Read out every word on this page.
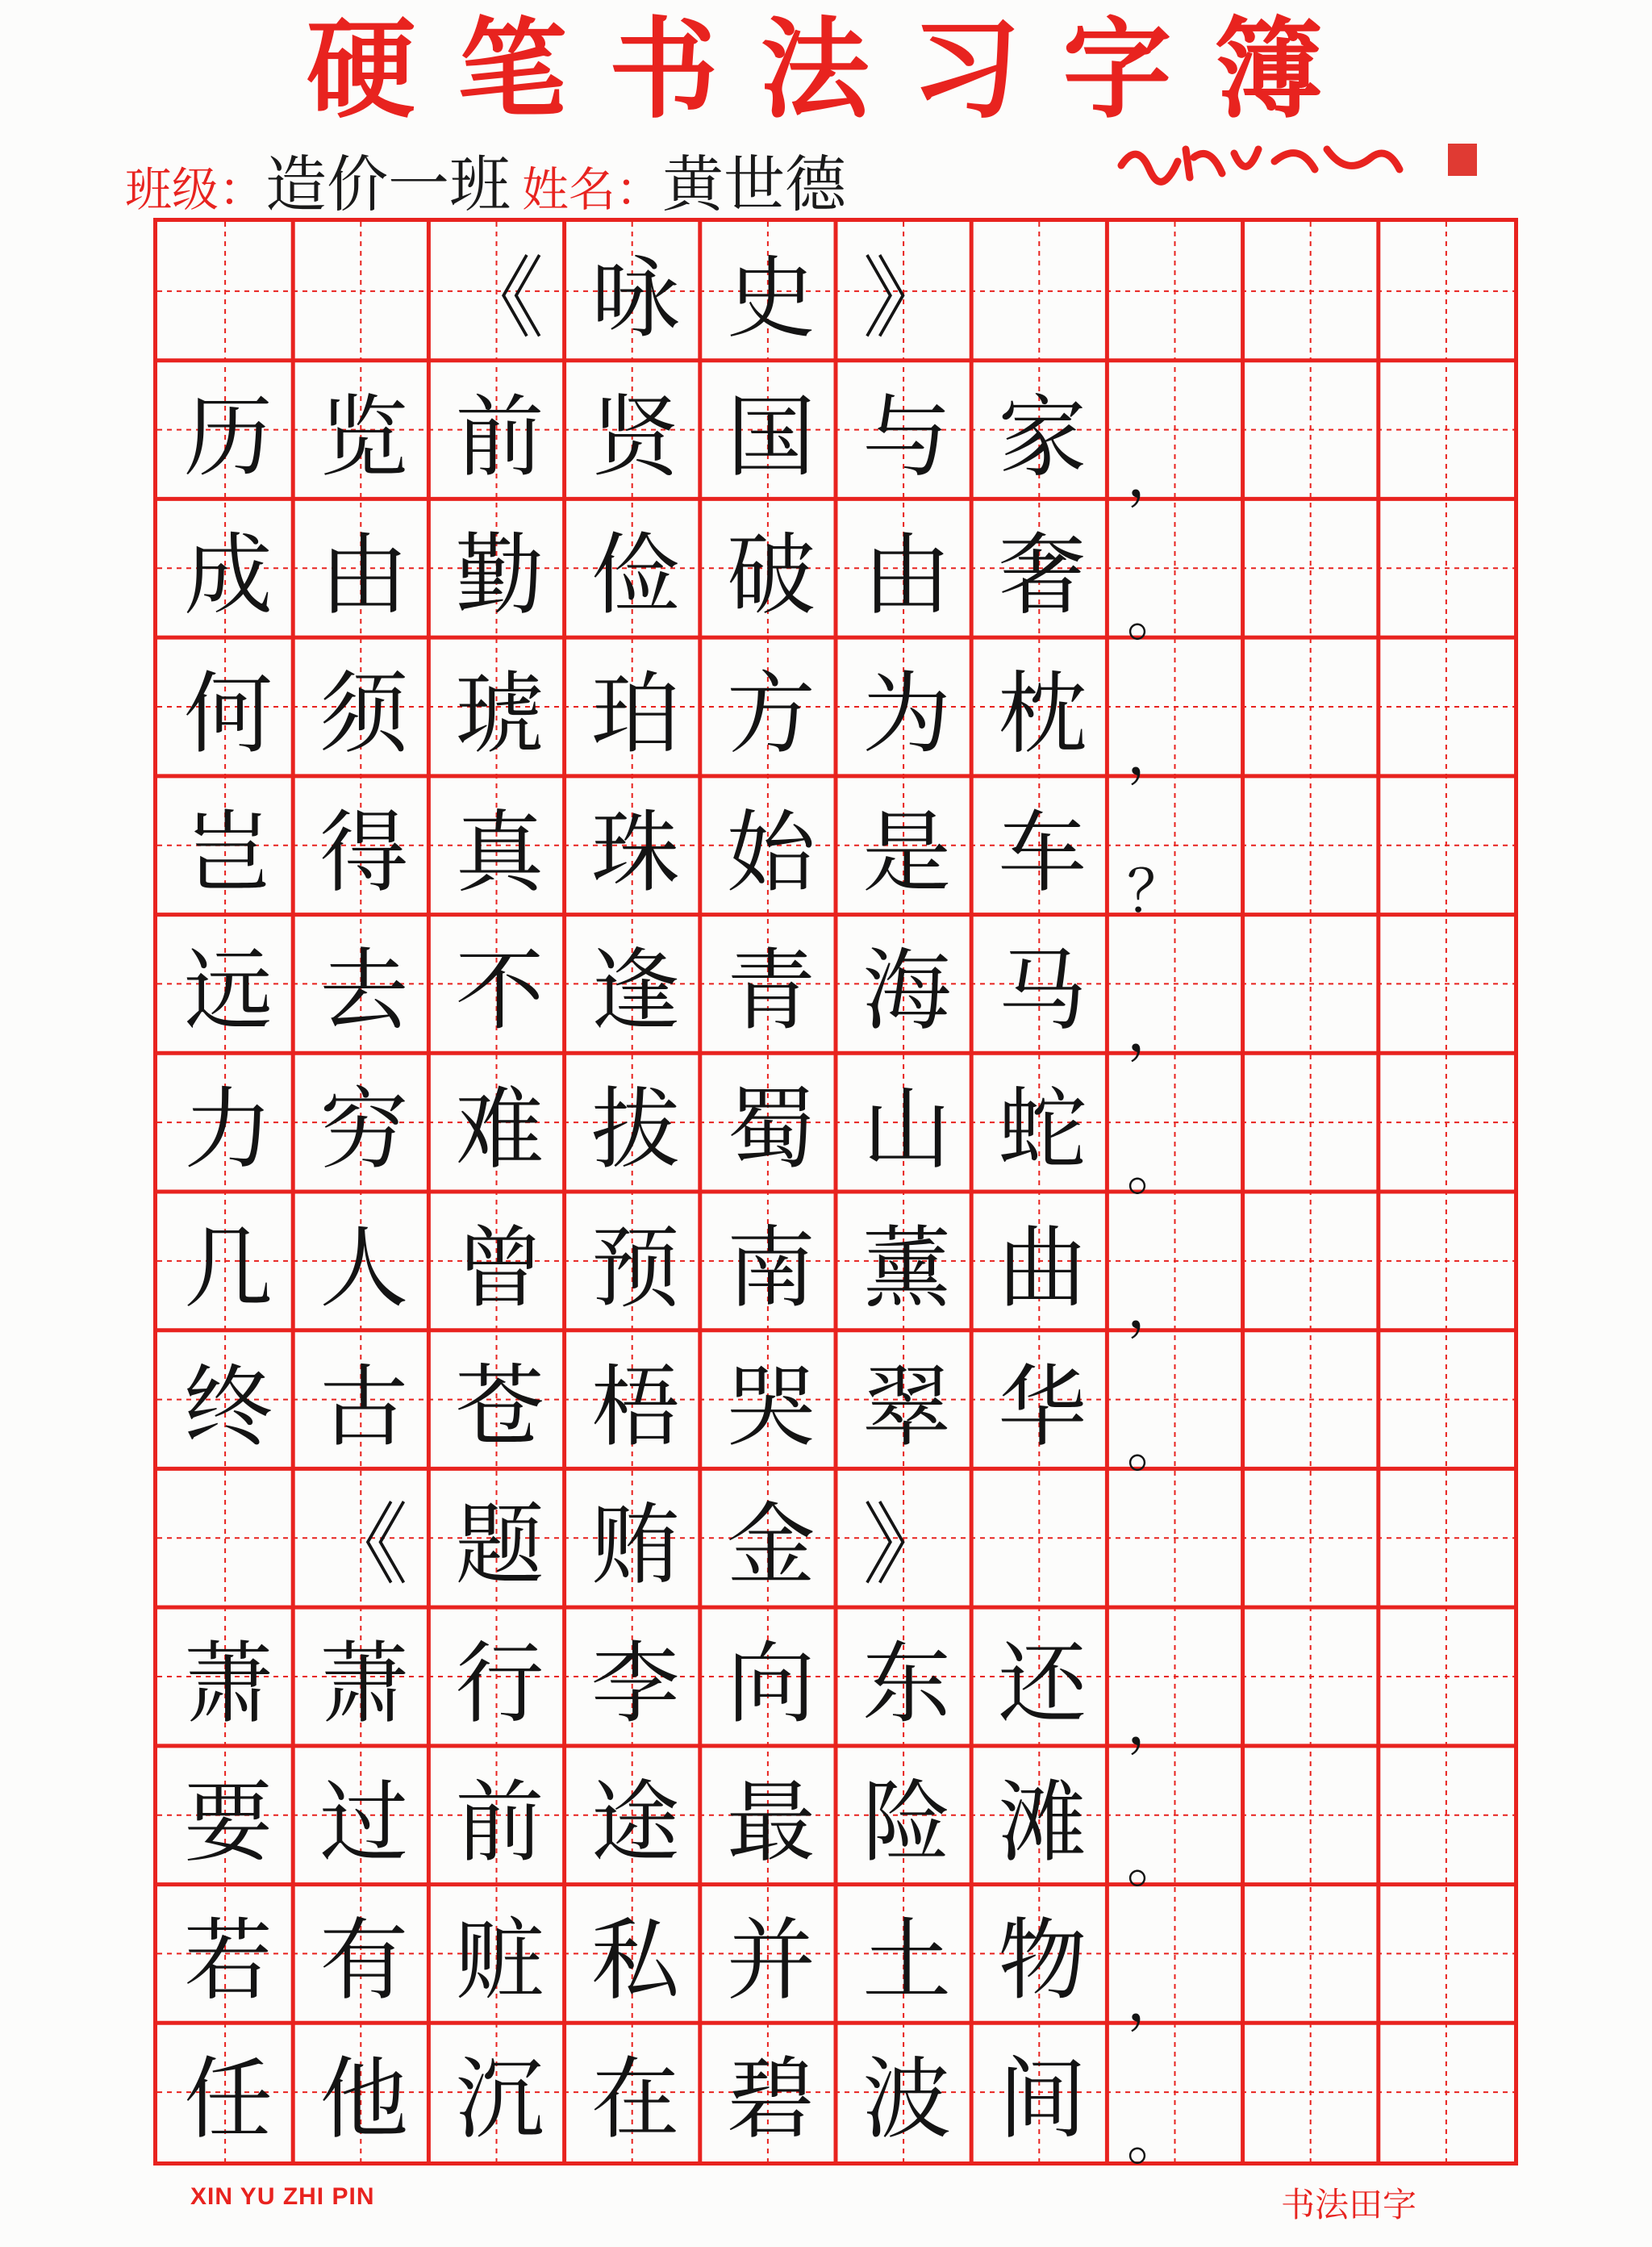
硬 笔 书 法 习 字 簿
班级： 造价一班 姓名： 黄世德
《 咏 史 》
历 览 前 贤 国 与 家 ，
成 由 勤 俭 破 由 奢 。
何 须 琥 珀 方 为 枕 ，
岂 得 真 珠 始 是 车 ？
远 去 不 逢 青 海 马 ，
力 穷 难 拔 蜀 山 蛇 。
几 人 曾 预 南 薰 曲 ，
终 古 苍 梧 哭 翠 华 。
《 题 贿 金 》
萧 萧 行 李 向 东 还 ，
要 过 前 途 最 险 滩 。
若 有 赃 私 并 土 物 ，
任 他 沉 在 碧 波 间 。
XIN YU ZHI PIN	书法田字
